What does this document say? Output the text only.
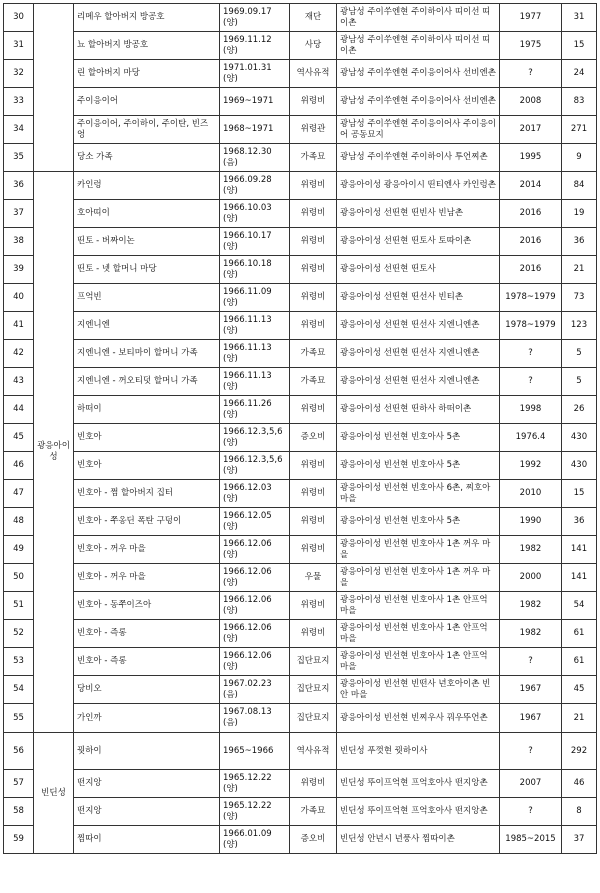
30		리메우 할아버지 방공호	1969.09.17(양)	재단	광남성 주이쑤엔현 주이하이사 띠이선 띠이촌	1977	31
31		뇨 할아버지 방공호	1969.11.12(양)	사당	광남성 주이쑤엔현 주이하이사 띠이선 띠이촌	1975	15
32		린 할아버지 마당	1971.01.31(양)	역사유적	광남성 주이쑤엔현 주이응이어사 선비엔촌	?	24
33		주이응이어	1969~1971	위령비	광남성 주이쑤엔현 주이응이어사 선비엔촌	2008	83
34		주이응이어, 주이하이, 주이탄, 빈즈엉	1968~1971	위령관	광남성 주이쑤엔현 주이응이어사 주이응이어 공동묘지	2017	271
35		당소 가족	1968.12.30(음)	가족묘	광남성 주이쑤엔현 주이하이사 투언찌촌	1995	9
36	광응아이성	카인렁	1966.09.28(양)	위령비	광응아이성 광응아이시 띤티엔사 카인렁촌	2014	84
37		호아띠이	1966.10.03(양)	위령비	광응아이성 선띤현 띤빈사 빈남촌	2016	19
38		띤토 - 버짜이논	1966.10.17(양)	위령비	광응아이성 선띤현 띤토사 토따이촌	2016	36
39		띤토 - 넷 할머니 마당	1966.10.18(양)	위령비	광응아이성 선띤현 띤토사	2016	21
40		프억빈	1966.11.09(양)	위령비	광응아이성 선띤현 띤선사 빈티촌	1978~1979	73
41		지엔니엔	1966.11.13(양)	위령비	광응아이성 선띤현 띤선사 지엔니엔촌	1978~1979	123
42		지엔니엔 - 보티마이 할머니 가족	1966.11.13(양)	가족묘	광응아이성 선띤현 띤선사 지엔니엔촌	?	5
43		지엔니엔 - 꺼오티덧 할머니 가족	1966.11.13(양)	가족묘	광응아이성 선띤현 띤선사 지엔니엔촌	?	5
44		하떠이	1966.11.26(양)	위령비	광응아이성 선띤현 띤하사 하떠이촌	1998	26
45		빈호아	1966.12.3,5,6 (양)	증오비	광응아이성 빈선현 빈호아사 5촌	1976.4	430
46		빈호아	1966.12.3,5,6 (양)	위령비	광응아이성 빈선현 빈호아사 5촌	1992	430
47		빈호아 - 쩜 할아버지 집터	1966.12.03(양)	위령비	광응아이성 빈선현 빈호아사 6촌, 찌호아 마을	2010	15
48		빈호아 - 쭈옹딘 폭탄 구덩이	1966.12.05(양)	위령비	광응아이성 빈선현 빈호아사 5촌	1990	36
49		빈호아 - 꺼우 마을	1966.12.06(양)	위령비	광응아이성 빈선현 빈호아사 1촌 꺼우 마을	1982	141
50		빈호아 - 꺼우 마을	1966.12.06(양)	우물	광응아이성 빈선현 빈호아사 1촌 꺼우 마을	2000	141
51		빈호아 - 동쭈이즈아	1966.12.06(양)	위령비	광응아이성 빈선현 빈호아사 1촌 안프억 마을	1982	54
52		빈호아 - 즉롱	1966.12.06(양)	위령비	광응아이성 빈선현 빈호아사 1촌 안프억 마을	1982	61
53		빈호아 - 즉롱	1966.12.06(양)	집단묘지	광응아이성 빈선현 빈호아사 1촌 안프억 마을	?	61
54		당비오	1967.02.23(음)	집단묘지	광응아이성 빈선현 빈떤사 년호아이촌 빈안 마을	1967	45
55		가인까	1967.08.13(음)	집단묘지	광응아이성 빈선현 빈찌우사 꿔우뚜언촌	1967	21
56	빈딘성	꿧하이	1965~1966	역사유적	빈딘성 푸껏현 꿧하이사	?	292
57		떤지앙	1965.12.22(양)	위령비	빈딘성 뚜이프억현 프억호아사 떤지앙촌	2007	46
58		떤지앙	1965.12.22(양)	가족묘	빈딘성 뚜이프억현 프억호아사 떤지앙촌	?	8
59		찜따이	1966.01.09(양)	증오비	빈딘성 안년시 년풍사 찜따이촌	1985~2015	37
